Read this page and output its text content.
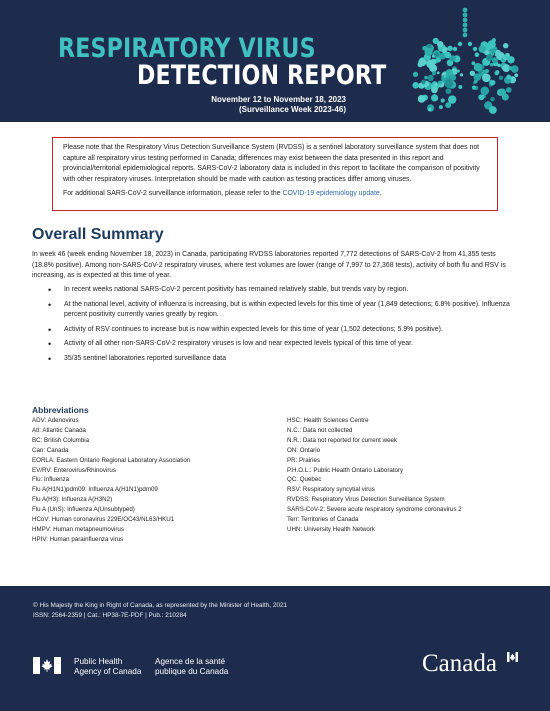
RESPIRATORY VIRUS
DETECTION REPORT
November 12 to November 18, 2023
(Surveillance Week 2023-46)

Please note that the Respiratory Virus Detection Surveillance System (RVDSS) is a sentinel laboratory surveillance system that does not capture all respiratory virus testing performed in Canada; differences may exist between the data presented in this report and provincial/territorial epidemiological reports. SARS-CoV-2 laboratory data is included in this report to facilitate the comparison of positivity with other respiratory viruses. Interpretation should be made with caution as testing practices differ among viruses.

For additional SARS-CoV-2 surveillance information, please refer to the COVID-19 epidemiology update.

Overall Summary

In week 46 (week ending November 18, 2023) in Canada, participating RVDSS laboratories reported 7,772 detections of SARS-CoV-2 from 41,355 tests (18.8% positive). Among non-SARS-CoV-2 respiratory viruses, where test volumes are lower (range of 7,997 to 27,368 tests), activity of both flu and RSV is increasing, as is expected at this time of year.

• In recent weeks national SARS-CoV-2 percent positivity has remained relatively stable, but trends vary by region.
• At the national level, activity of influenza is increasing, but is within expected levels for this time of year (1,849 detections; 6.8% positive). Influenza percent positivity currently varies greatly by region.
• Activity of RSV continues to increase but is now within expected levels for this time of year (1,502 detections; 5.9% positive).
• Activity of all other non-SARS-CoV-2 respiratory viruses is low and near expected levels typical of this time of year.
• 35/35 sentinel laboratories reported surveillance data
Abbreviations
ADV: Adenovirus
Atl: Atlantic Canada
BC: British Columbia
Can: Canada
EORLA: Eastern Ontario Regional Laboratory Association
EV/RV: Enterovirus/Rhinovirus
Flu: Influenza
Flu A(H1N1)pdm09: Influenza A(H1N1)pdm09
Flu A(H3): Influenza A(H3N2)
Flu A (UnS): Influenza A(Unsubtyped)
HCoV: Human coronavirus 229E/OC43/NL63/HKU1
HMPV: Human metapneumovirus
HPIV: Human parainfluenza virus
HSC: Health Sciences Centre
N.C.: Data not collected
N.R.: Data not reported for current week
ON: Ontario
PR: Prairies
P.H.O.L.: Public Health Ontario Laboratory
QC: Quebec
RSV: Respiratory syncytial virus
RVDSS: Respiratory Virus Detection Surveillance System
SARS-CoV-2: Severe acute respiratory syndrome coronavirus 2
Terr: Territories of Canada
UHN: University Health Network
© His Majesty the King in Right of Canada, as represented by the Minister of Health, 2021
ISSN: 2564-2359 | Cat.: HP38-7E-PDF | Pub.: 210284
Public Health
Agency of Canada
Agence de la santé
publique du Canada	Canada
